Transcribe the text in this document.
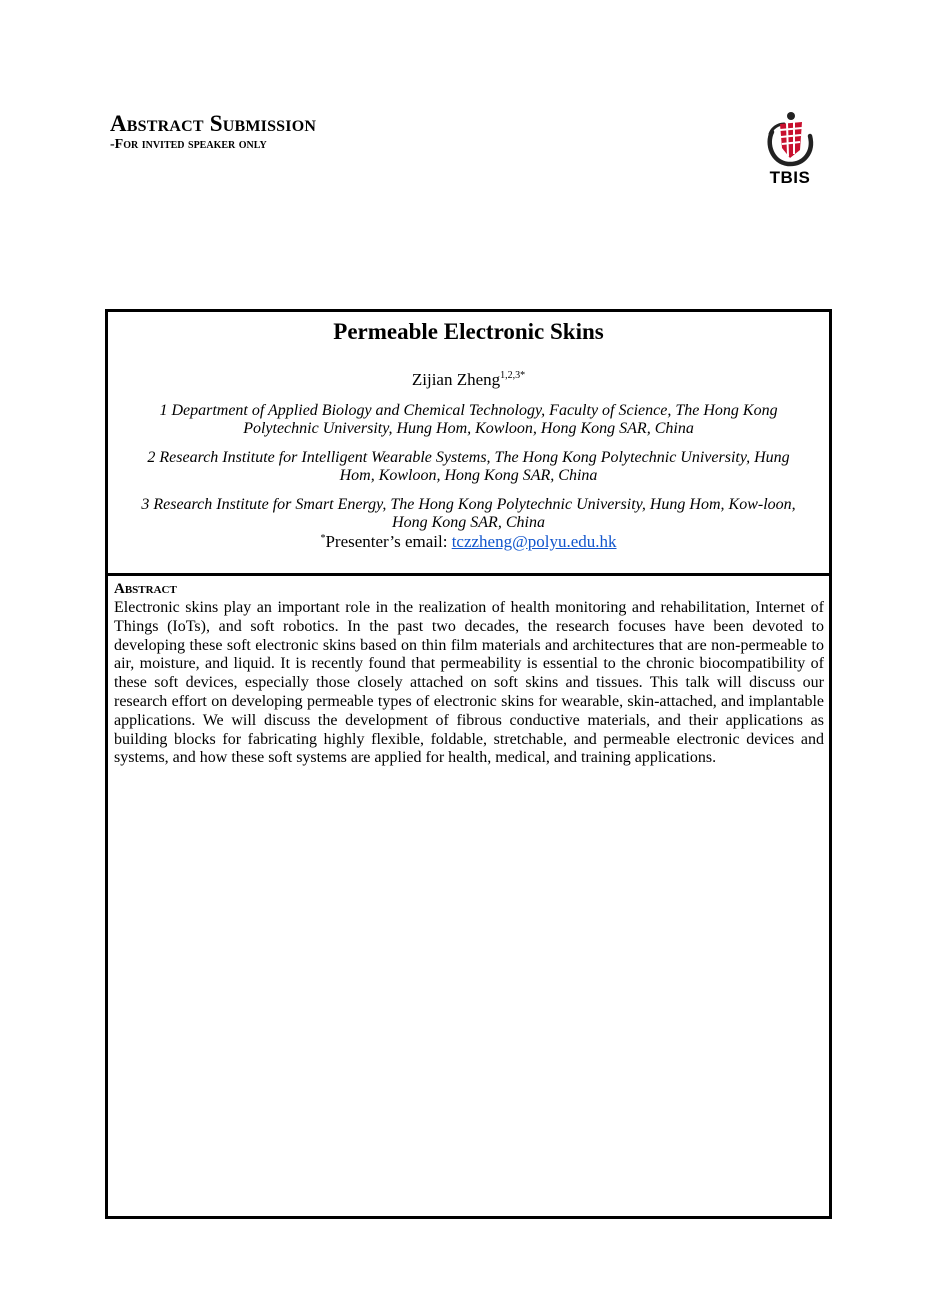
Abstract Submission
-For invited speaker only
TBIS
Permeable Electronic Skins
Zijian Zheng$^{1,2,3*}$
1 Department of Applied Biology and Chemical Technology, Faculty of Science, The Hong Kong Polytechnic University, Hung Hom, Kowloon, Hong Kong SAR, China
2 Research Institute for Intelligent Wearable Systems, The Hong Kong Polytechnic University, Hung Hom, Kowloon, Hong Kong SAR, China
3 Research Institute for Smart Energy, The Hong Kong Polytechnic University, Hung Hom, Kow-loon, Hong Kong SAR, China
*Presenter’s email: tczzheng@polyu.edu.hk
Abstract
Electronic skins play an important role in the realization of health monitoring and rehabilitation, Internet of Things (IoTs), and soft robotics. In the past two decades, the research focuses have been devoted to developing these soft electronic skins based on thin film materials and architectures that are non-permeable to air, moisture, and liquid. It is recently found that permeability is essential to the chronic biocompatibility of these soft devices, especially those closely attached on soft skins and tissues. This talk will discuss our research effort on developing permeable types of electronic skins for wearable, skin-attached, and implantable applications. We will discuss the development of fibrous conductive materials, and their applications as building blocks for fabricating highly flexible, foldable, stretchable, and permeable electronic devices and systems, and how these soft systems are applied for health, medical, and training applications.
